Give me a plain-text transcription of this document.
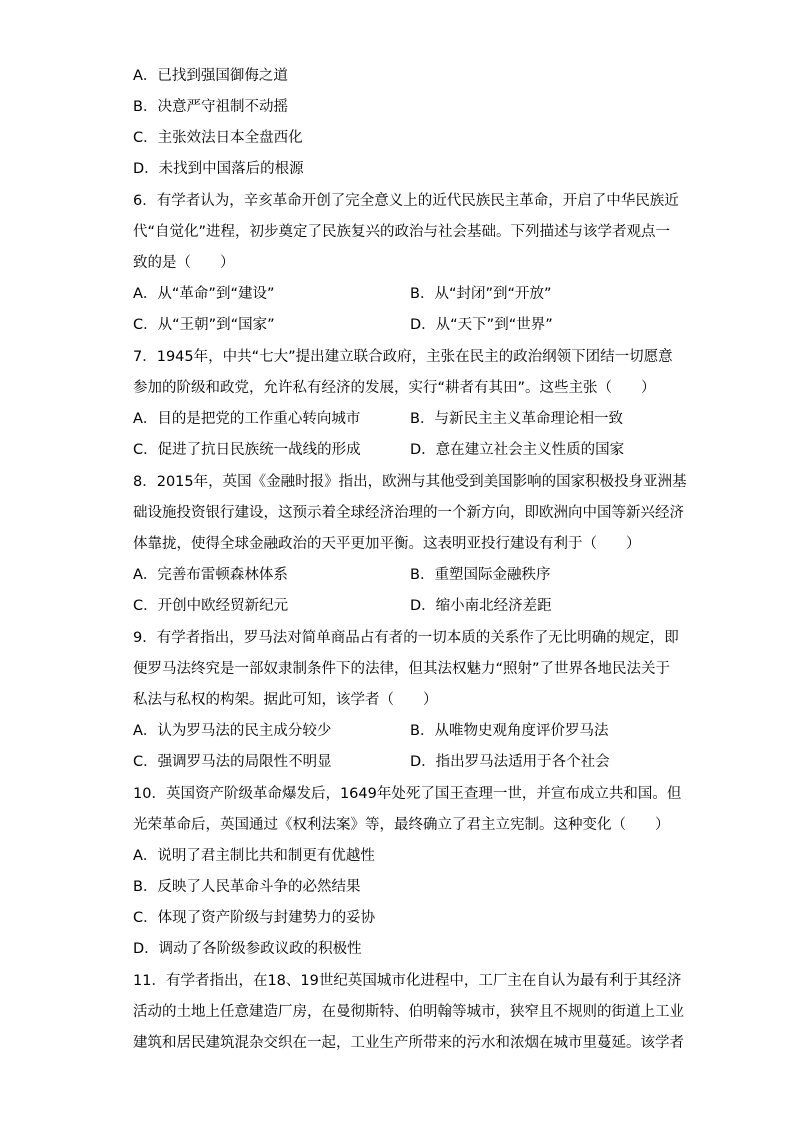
A．已找到强国御侮之道
B．决意严守祖制不动摇
C．主张效法日本全盘西化
D．未找到中国落后的根源
6．有学者认为，辛亥革命开创了完全意义上的近代民族民主革命，开启了中华民族近
代“自觉化”进程，初步奠定了民族复兴的政治与社会基础。下列描述与该学者观点一
致的是（　　）
A．从“革命”到“建设”	B．从“封闭”到“开放”
C．从“王朝”到“国家”	D．从“天下”到“世界”
7．1945年，中共“七大”提出建立联合政府，主张在民主的政治纲领下团结一切愿意
参加的阶级和政党，允许私有经济的发展，实行“耕者有其田”。这些主张（　　）
A．目的是把党的工作重心转向城市	B．与新民主主义革命理论相一致
C．促进了抗日民族统一战线的形成	D．意在建立社会主义性质的国家
8．2015年，英国《金融时报》指出，欧洲与其他受到美国影响的国家积极投身亚洲基
础设施投资银行建设，这预示着全球经济治理的一个新方向，即欧洲向中国等新兴经济
体靠拢，使得全球金融政治的天平更加平衡。这表明亚投行建设有利于（　　）
A．完善布雷顿森林体系	B．重塑国际金融秩序
C．开创中欧经贸新纪元	D．缩小南北经济差距
9．有学者指出，罗马法对简单商品占有者的一切本质的关系作了无比明确的规定，即
便罗马法终究是一部奴隶制条件下的法律，但其法权魅力“照射”了世界各地民法关于
私法与私权的构架。据此可知，该学者（　　）
A．认为罗马法的民主成分较少	B．从唯物史观角度评价罗马法
C．强调罗马法的局限性不明显	D．指出罗马法适用于各个社会
10．英国资产阶级革命爆发后，1649年处死了国王查理一世，并宣布成立共和国。但
光荣革命后，英国通过《权利法案》等，最终确立了君主立宪制。这种变化（　　）
A．说明了君主制比共和制更有优越性
B．反映了人民革命斗争的必然结果
C．体现了资产阶级与封建势力的妥协
D．调动了各阶级参政议政的积极性
11．有学者指出，在18、19世纪英国城市化进程中，工厂主在自认为最有利于其经济
活动的土地上任意建造厂房，在曼彻斯特、伯明翰等城市，狭窄且不规则的街道上工业
建筑和居民建筑混杂交织在一起，工业生产所带来的污水和浓烟在城市里蔓延。该学者
